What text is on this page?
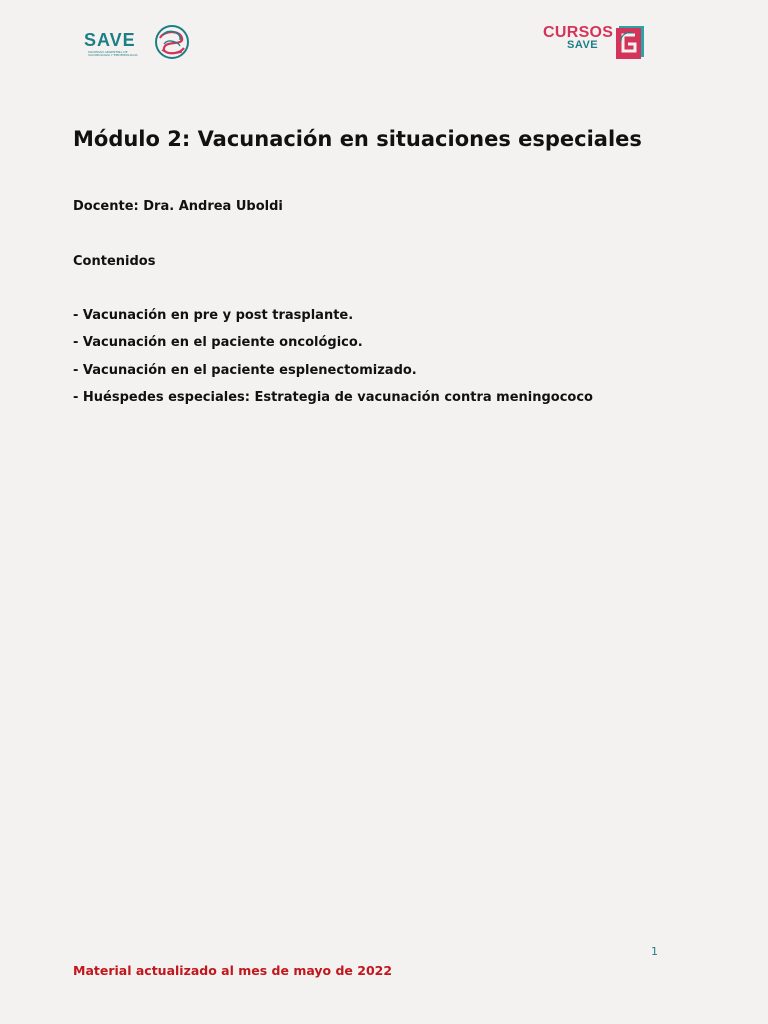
SAVE
SOCIEDAD ARGENTINA DE VACUNOLOGÍA Y EPIDEMIOLOGÍA
CURSOS
SAVE
Módulo 2: Vacunación en situaciones especiales
Docente: Dra. Andrea Uboldi
Contenidos
- Vacunación en pre y post trasplante.
- Vacunación en el paciente oncológico.
- Vacunación en el paciente esplenectomizado.
- Huéspedes especiales: Estrategia de vacunación contra meningococo
1
Material actualizado al mes de mayo de 2022
